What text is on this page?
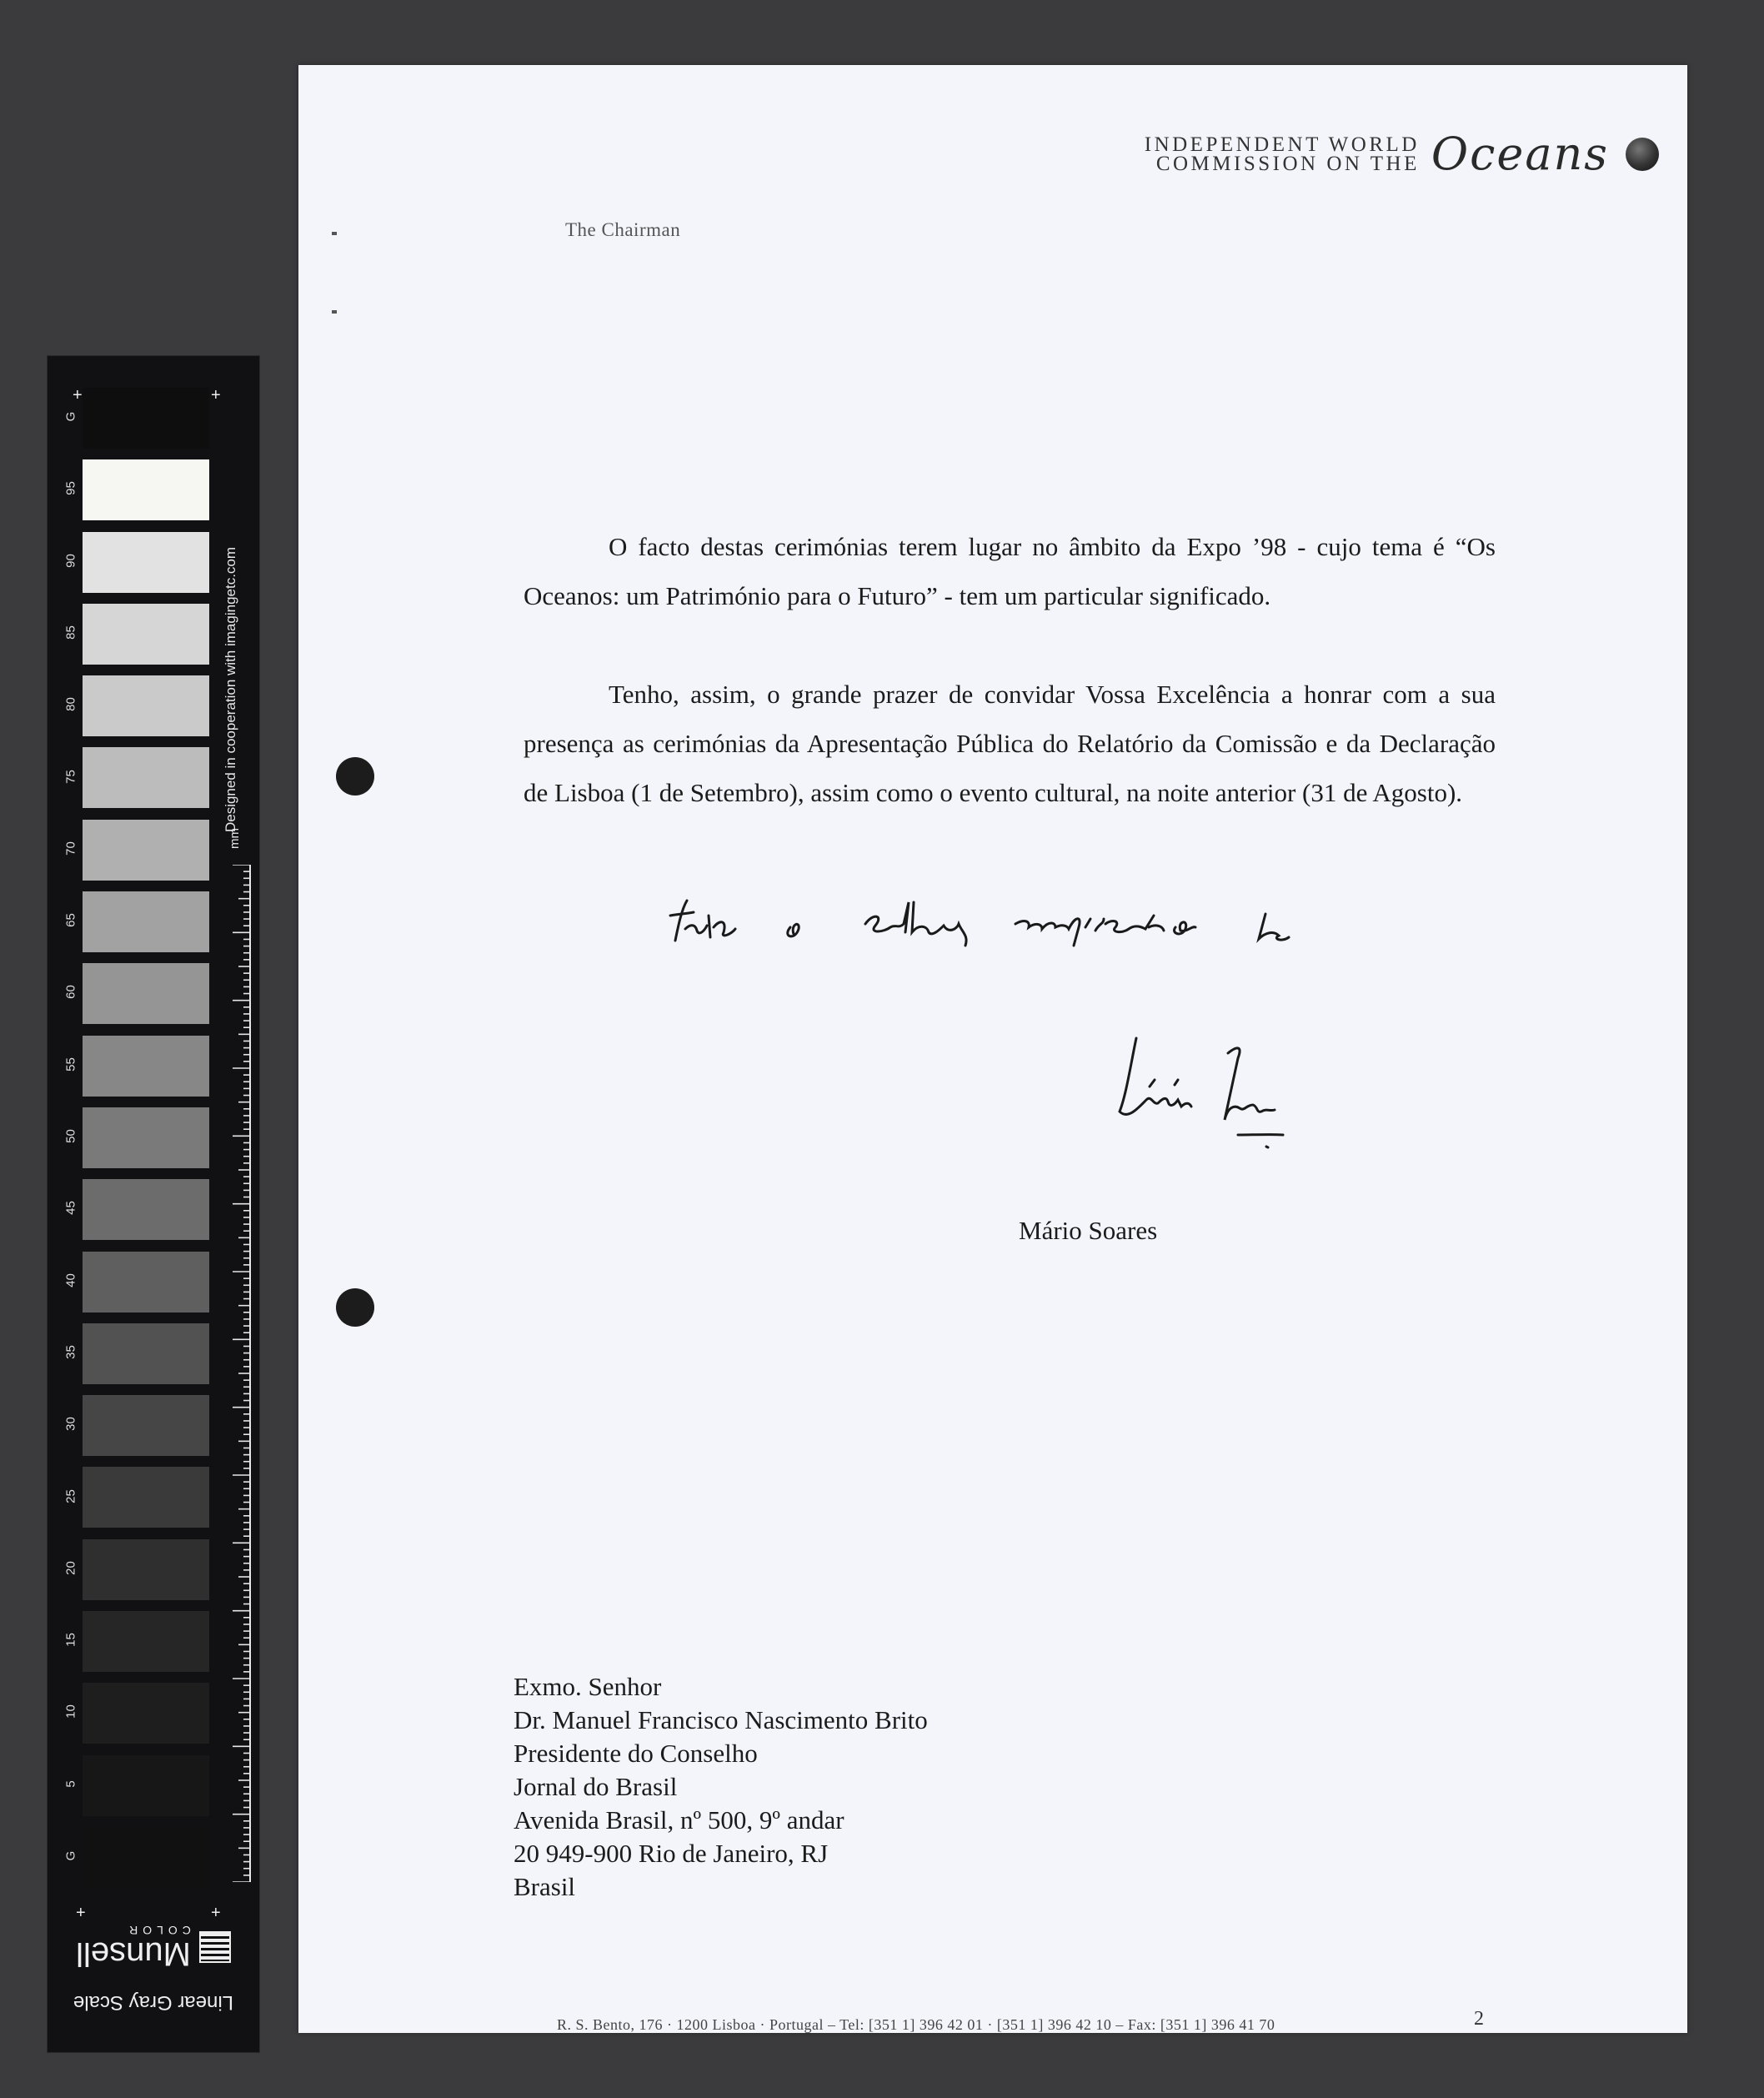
INDEPENDENT WORLD
COMMISSION ON THE Oceans
The Chairman

O facto destas cerimónias terem lugar no âmbito da Expo ’98 - cujo tema é “Os Oceanos: um Património para o Futuro” - tem um particular significado.

Tenho, assim, o grande prazer de convidar Vossa Excelência a honrar com a sua presença as cerimónias da Apresentação Pública do Relatório da Comissão e da Declaração de Lisboa (1 de Setembro), assim como o evento cultural, na noite anterior (31 de Agosto).

Mário Soares
Exmo. Senhor
Dr. Manuel Francisco Nascimento Brito
Presidente do Conselho
Jornal do Brasil
Avenida Brasil, nº 500, 9º andar
20 949-900 Rio de Janeiro, RJ
Brasil
R. S. Bento, 176 · 1200 Lisboa · Portugal – Tel: [351 1] 396 42 01 · [351 1] 396 42 10 – Fax: [351 1] 396 41 70	2
+	+
G
95
90
85
80
75
70
65
60
55
50
45
40
35
30
25
20
15
10
5
G
+	+
Designed in cooperation with imagingetc.com
mm
Linear Gray Scale
Munsell
COLOR
